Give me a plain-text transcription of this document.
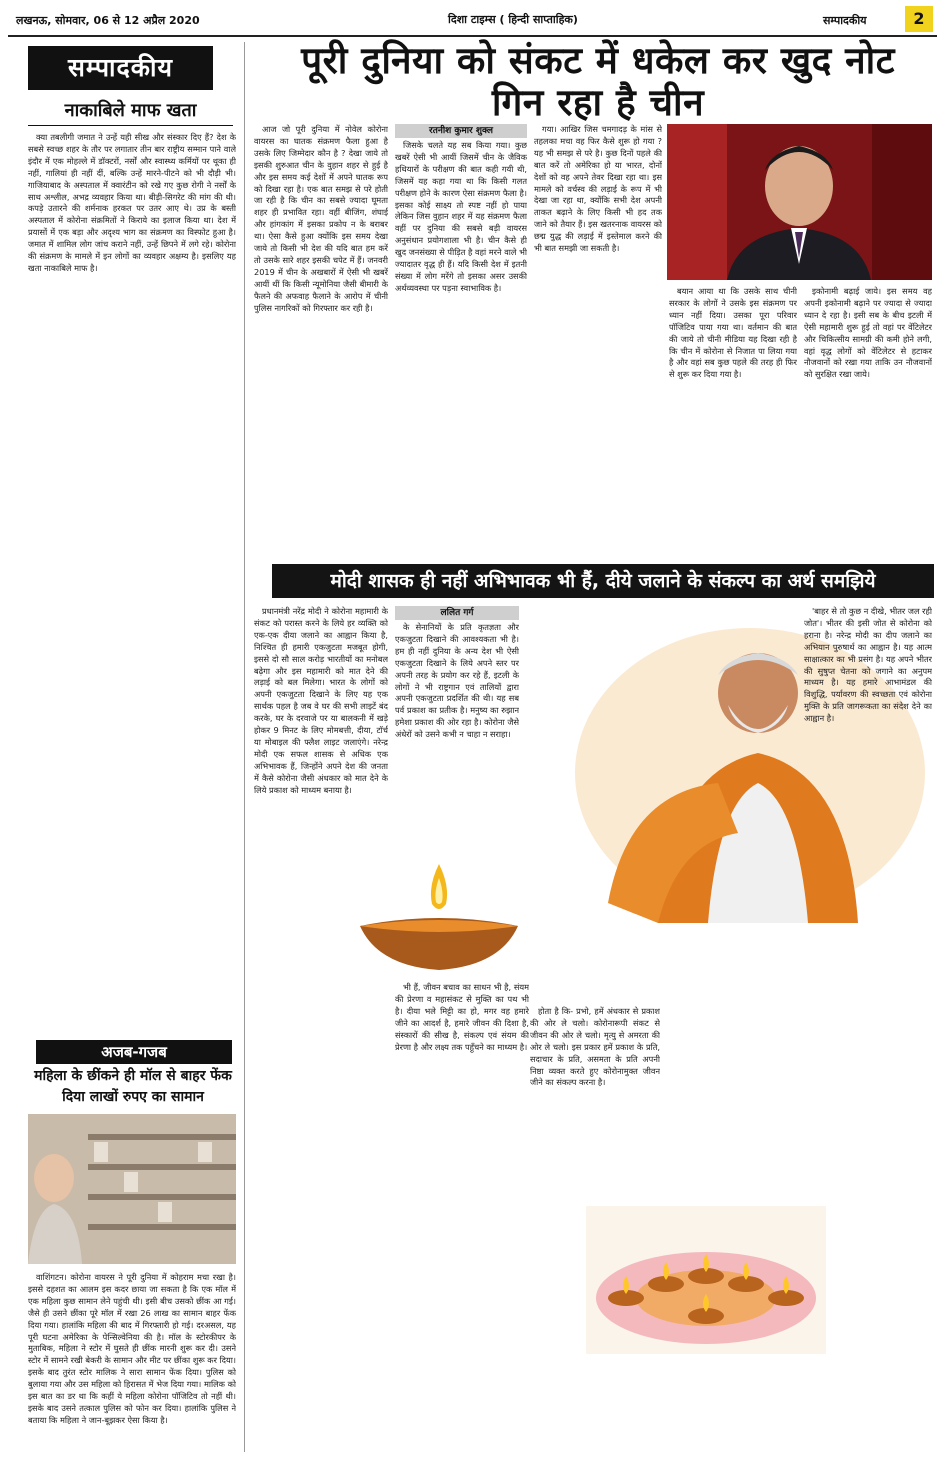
लखनऊ, सोमवार, 06 से 12 अप्रैल 2020	दिशा टाइम्स ( हिन्दी साप्ताहिक)	सम्पादकीय	2
सम्पादकीय
नाकाबिले माफ खता

क्या तबलीगी जमात ने उन्हें यही सीख और संस्कार दिए हैं? देश के सबसे स्वच्छ शहर के तौर पर लगातार तीन बार राष्ट्रीय सम्मान पाने वाले इंदौर में एक मोहल्ले में डॉक्टरों, नर्सों और स्वास्थ्य कर्मियों पर थूका ही नहीं, गालियां ही नहीं दीं, बल्कि उन्हें मारने-पीटने को भी दौड़ी भी। गाजियाबाद के अस्पताल में क्वारंटीन को रखे गए कुछ रोगी ने नर्सों के साथ अश्लील, अभद्र व्यवहार किया था। बीड़ी-सिगरेट की मांग की थी। कपड़े उतारने की शर्मनाक हरकत पर उतर आए थे। उप्र के बस्ती अस्पताल में कोरोना संक्रमितों ने किराये का इलाज किया था। देश में प्रयासों में एक बड़ा और अदृश्य भाग का संक्रमण का विस्फोट हुआ है। जमात में शामिल लोग जांच कराने नहीं, उन्हें छिपने में लगे रहे। कोरोना की संक्रमण के मामले में इन लोगों का व्यवहार अक्षम्य है। इसलिए यह खता नाकाबिले माफ है।

पूरी दुनिया को संकट में धकेल कर खुद नोट गिन रहा है चीन

आज जो पूरी दुनिया में नोवेल कोरोना वायरस का घातक संक्रमण फैला हुआ है उसके लिए जिम्मेदार कौन है ? देखा जाये तो इसकी शुरुआत चीन के वुहान शहर से हुई है और इस समय कई देशों में अपने घातक रूप को दिखा रहा है। एक बात समझ से परे होती जा रही है कि चीन का सबसे ज्यादा घूमता शहर ही प्रभावित रहा। वहीं बीजिंग, शंघाई और हांगकांग में इसका प्रकोप न के बराबर था। ऐसा कैसे हुआ क्योंकि इस समय देखा जाये तो किसी भी देश की यदि बात हम करें तो उसके सारे शहर इसकी चपेट में हैं। जनवरी 2019 में चीन के अखबारों में ऐसी भी खबरें आयीं थीं कि किसी न्यूमोनिया जैसी बीमारी के फैलने की अफवाह फैलाने के आरोप में चीनी पुलिस नागरिकों को गिरफ्तार कर रही है।

रतनीश कुमार शुक्ल

जिसके चलते यह सब किया गया। कुछ खबरें ऐसी भी आयीं जिसमें चीन के जैविक हथियारों के परीक्षण की बात कही गयी थी, जिसमें यह कहा गया था कि किसी गलत परीक्षण होने के कारण ऐसा संक्रमण फैला है। इसका कोई साक्ष्य तो स्पष्ट नहीं हो पाया लेकिन जिस वुहान शहर में यह संक्रमण फैला वहीं पर दुनिया की सबसे बड़ी वायरस अनुसंधान प्रयोगशाला भी है। चीन कैसे ही खुद जनसंख्या से पीड़ित है वहां मरने वाले भी ज्यादातर वृद्ध ही हैं। यदि किसी देश में इतनी संख्या में लोग मरेंगे तो इसका असर उसकी अर्थव्यवस्था पर पड़ना स्वाभाविक है।

गया। आखिर जिस चमगादड़ के मांस से तहलका मचा वह फिर कैसे शुरू हो गया ? यह भी समझ से परे है। कुछ दिनों पहले की बात करें तो अमेरिका हो या भारत, दोनों देशों को वह अपने तेवर दिखा रहा था। इस मामले को वर्चस्व की लड़ाई के रूप में भी देखा जा रहा था, क्योंकि सभी देश अपनी ताकत बढ़ाने के लिए किसी भी हद तक जाने को तैयार हैं। इस खतरनाक वायरस को छद्म युद्ध की लड़ाई में इस्तेमाल करने की भी बात समझी जा सकती है।

बयान आया था कि उसके साथ चीनी सरकार के लोगों ने उसके इस संक्रमण पर ध्यान नहीं दिया। उसका पूरा परिवार पॉजिटिव पाया गया था। वर्तमान की बात की जाये तो चीनी मीडिया यह दिखा रही है कि चीन में कोरोना से निजात पा लिया गया है और वहां सब कुछ पहले की तरह ही फिर से शुरू कर दिया गया है।

इकोनामी बढ़ाई जाये। इस समय वह अपनी इकोनामी बढ़ाने पर ज्यादा से ज्यादा ध्यान दे रहा है। इसी सब के बीच इटली में ऐसी महामारी शुरू हुई तो वहां पर वेंटिलेटर और चिकित्सीय सामग्री की कमी होने लगी, वहां वृद्ध लोगों को वेंटिलेटर से हटाकर नौजवानों को रखा गया ताकि उन नौजवानों को सुरक्षित रखा जाये।

मोदी शासक ही नहीं अभिभावक भी हैं, दीये जलाने के संकल्प का अर्थ समझिये

प्रधानमंत्री नरेंद्र मोदी ने कोरोना महामारी के संकट को परास्त करने के लिये हर व्यक्ति को एक-एक दीया जलाने का आह्वान किया है, निश्चित ही हमारी एकजुटता मजबूत होगी, इससे दो सौ साल करोड़ भारतीयों का मनोबल बढ़ेगा और इस महामारी को मात देने की लड़ाई को बल मिलेगा। भारत के लोगों को अपनी एकजुटता दिखाने के लिए यह एक सार्थक पहल है जब वे घर की सभी लाइटें बंद करके, घर के दरवाजे पर या बालकनी में खड़े होकर 9 मिनट के लिए मोमबत्ती, दीया, टॉर्च या मोबाइल की फ्लैश लाइट जलाएंगे। नरेन्द्र मोदी एक सफल शासक से अधिक एक अभिभावक हैं, जिन्होंने अपने देश की जनता में कैसे कोरोना जैसी अंधकार को मात देने के लिये प्रकाश को माध्यम बनाया है।

ललित गर्ग

के सेनानियों के प्रति कृतज्ञता और एकजुटता दिखाने की आवश्यकता भी है। हम ही नहीं दुनिया के अन्य देश भी ऐसी एकजुटता दिखाने के लिये अपने स्तर पर अपनी तरह के प्रयोग कर रहे हैं, इटली के लोगों ने भी राष्ट्रगान एवं तालियों द्वारा अपनी एकजुटता प्रदर्शित की थी। यह सब पर्व प्रकाश का प्रतीक है। मनुष्य का रुझान हमेशा प्रकाश की ओर रहा है। कोरोना जैसे अंधेरों को उसने कभी न चाहा न सराहा।

भी हैं, जीवन बचाव का साधन भी है, संयम की प्रेरणा व महासंकट से मुक्ति का पथ भी है। दीया भले मिट्टी का हो, मगर वह हमारे जीने का आदर्श है, हमारे जीवन की दिशा है, संस्कारों की सीख है, संकल्प एवं संयम की प्रेरणा है और लक्ष्य तक पहुँचने का माध्यम है।

होता है कि- प्रभो, हमें अंधकार से प्रकाश की ओर ले चलो। कोरोनारूपी संकट से जीवन की ओर ले चलो। मृत्यु से अमरता की ओर ले चलो। इस प्रकार हमें प्रकाश के प्रति, सदाचार के प्रति, असमता के प्रति अपनी निष्ठा व्यक्त करते हुए कोरोनामुक्त जीवन जीने का संकल्प करना है।

'बाहर से तो कुछ न दीखे, भीतर जल रही जोत'। भीतर की इसी जोत से कोरोना को हराना है। नरेन्द्र मोदी का दीप जलाने का अभियान पुरुषार्थ का आह्वान है। यह आत्म साक्षात्कार का भी प्रसंग है। यह अपने भीतर की सुषुप्त चेतना को जगाने का अनुपम माध्यम है। यह हमारे आभामंडल की विशुद्धि, पर्यावरण की स्वच्छता एवं कोरोना मुक्ति के प्रति जागरूकता का संदेश देने का आह्वान है।

अजब-गजब
महिला के छींकने ही मॉल से बाहर फेंक दिया लाखों रुपए का सामान

वाशिंगटन। कोरोना वायरस ने पूरी दुनिया में कोहराम मचा रखा है। इससे दहशत का आलम इस कदर छाया जा सकता है कि एक मॉल में एक महिला कुछ सामान लेने पहुंची थी। इसी बीच उसको छींक आ गई। जैसे ही उसने छींका पूरे मॉल में रखा 26 लाख का सामान बाहर फेंक दिया गया। हालांकि महिला की बाद में गिरफ्तारी हो गई। दरअसल, यह पूरी घटना अमेरिका के पेन्सिल्वेनिया की है। मॉल के स्टोरकीपर के मुताबिक, महिला ने स्टोर में घुसते ही छींक मारनी शुरू कर दी। उसने स्टोर में सामने रखी बेकरी के सामान और मीट पर छींका शुरू कर दिया। इसके बाद तुरंत स्टोर मालिक ने सारा सामान फेंक दिया। पुलिस को बुलाया गया और उस महिला को हिरासत में भेज दिया गया। मालिक को इस बात का डर था कि कहीं ये महिला कोरोना पॉजिटिव तो नहीं थी। इसके बाद उसने तत्काल पुलिस को फोन कर दिया। हालांकि पुलिस ने बताया कि महिला ने जान-बूझकर ऐसा किया है।
